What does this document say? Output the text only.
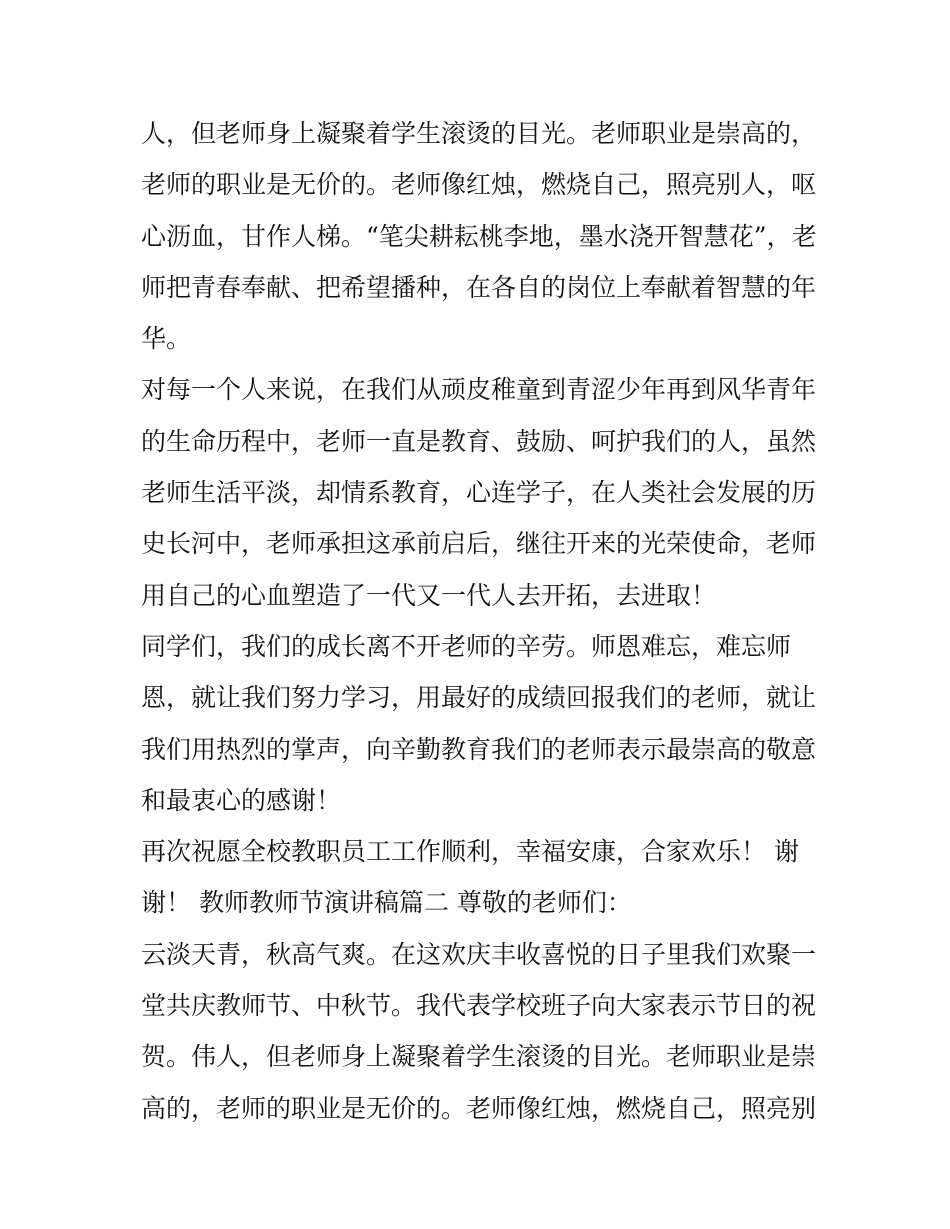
人，但老师身上凝聚着学生滚烫的目光。老师职业是崇高的，
老师的职业是无价的。老师像红烛，燃烧自己，照亮别人，呕
心沥血，甘作人梯。“笔尖耕耘桃李地，墨水浇开智慧花”，老
师把青春奉献、把希望播种，在各自的岗位上奉献着智慧的年
华。
对每一个人来说，在我们从顽皮稚童到青涩少年再到风华青年
的生命历程中，老师一直是教育、鼓励、呵护我们的人，虽然
老师生活平淡，却情系教育，心连学子，在人类社会发展的历
史长河中，老师承担这承前启后，继往开来的光荣使命，老师
用自己的心血塑造了一代又一代人去开拓，去进取！
同学们，我们的成长离不开老师的辛劳。师恩难忘，难忘师
恩，就让我们努力学习，用最好的成绩回报我们的老师，就让
我们用热烈的掌声，向辛勤教育我们的老师表示最崇高的敬意
和最衷心的感谢！
再次祝愿全校教职员工工作顺利，幸福安康，合家欢乐！ 谢
谢！ 教师教师节演讲稿篇二 尊敬的老师们：
云淡天青，秋高气爽。在这欢庆丰收喜悦的日子里我们欢聚一
堂共庆教师节、中秋节。我代表学校班子向大家表示节日的祝
贺。伟人，但老师身上凝聚着学生滚烫的目光。老师职业是崇
高的，老师的职业是无价的。老师像红烛，燃烧自己，照亮别
